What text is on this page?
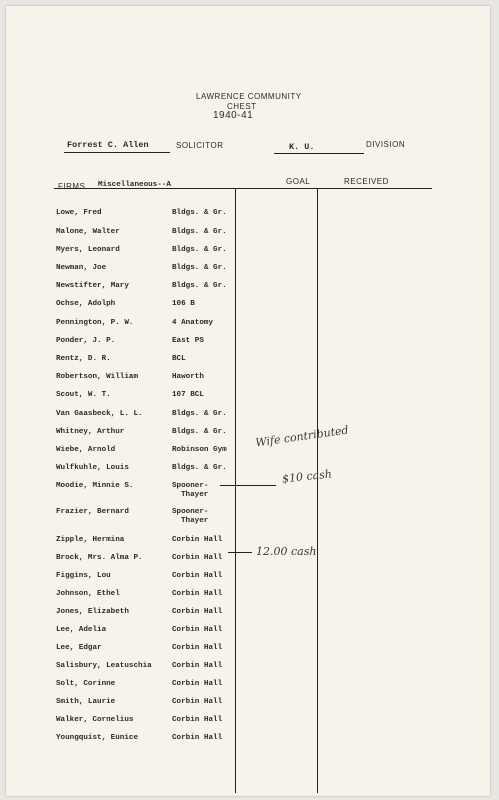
LAWRENCE COMMUNITY
CHEST
1940-41
Forrest C. Allen	SOLICITOR	K. U.	DIVISION
FIRMS Miscellaneous--A	GOAL	RECEIVED
Lowe, Fred	Bldgs. & Gr.
Malone, Walter	Bldgs. & Gr.
Myers, Leonard	Bldgs. & Gr.
Newman, Joe	Bldgs. & Gr.
Newstifter, Mary	Bldgs. & Gr.
Ochse, Adolph	106 B
Pennington, P. W.	4 Anatomy
Ponder, J. P.	East PS
Rentz, D. R.	BCL
Robertson, William	Haworth
Scout, W. T.	107 BCL
Van Gaasbeck, L. L.	Bldgs. & Gr.
Whitney, Arthur	Bldgs. & Gr.
Wiebe, Arnold	Robinson Gym
Wulfkuhle, Louis	Bldgs. & Gr.
Moodie, Minnie S.	Spooner-
Thayer
Frazier, Bernard	Spooner-
Thayer
Zipple, Hermina	Corbin Hall
Brock, Mrs. Alma P.	Corbin Hall
Figgins, Lou	Corbin Hall
Johnson, Ethel	Corbin Hall
Jones, Elizabeth	Corbin Hall
Lee, Adelia	Corbin Hall
Lee, Edgar	Corbin Hall
Salisbury, Leatuschia	Corbin Hall
Solt, Corinne	Corbin Hall
Smith, Laurie	Corbin Hall
Walker, Cornelius	Corbin Hall
Youngquist, Eunice	Corbin Hall
Wife contributed
$10 cash
12.00 cash
